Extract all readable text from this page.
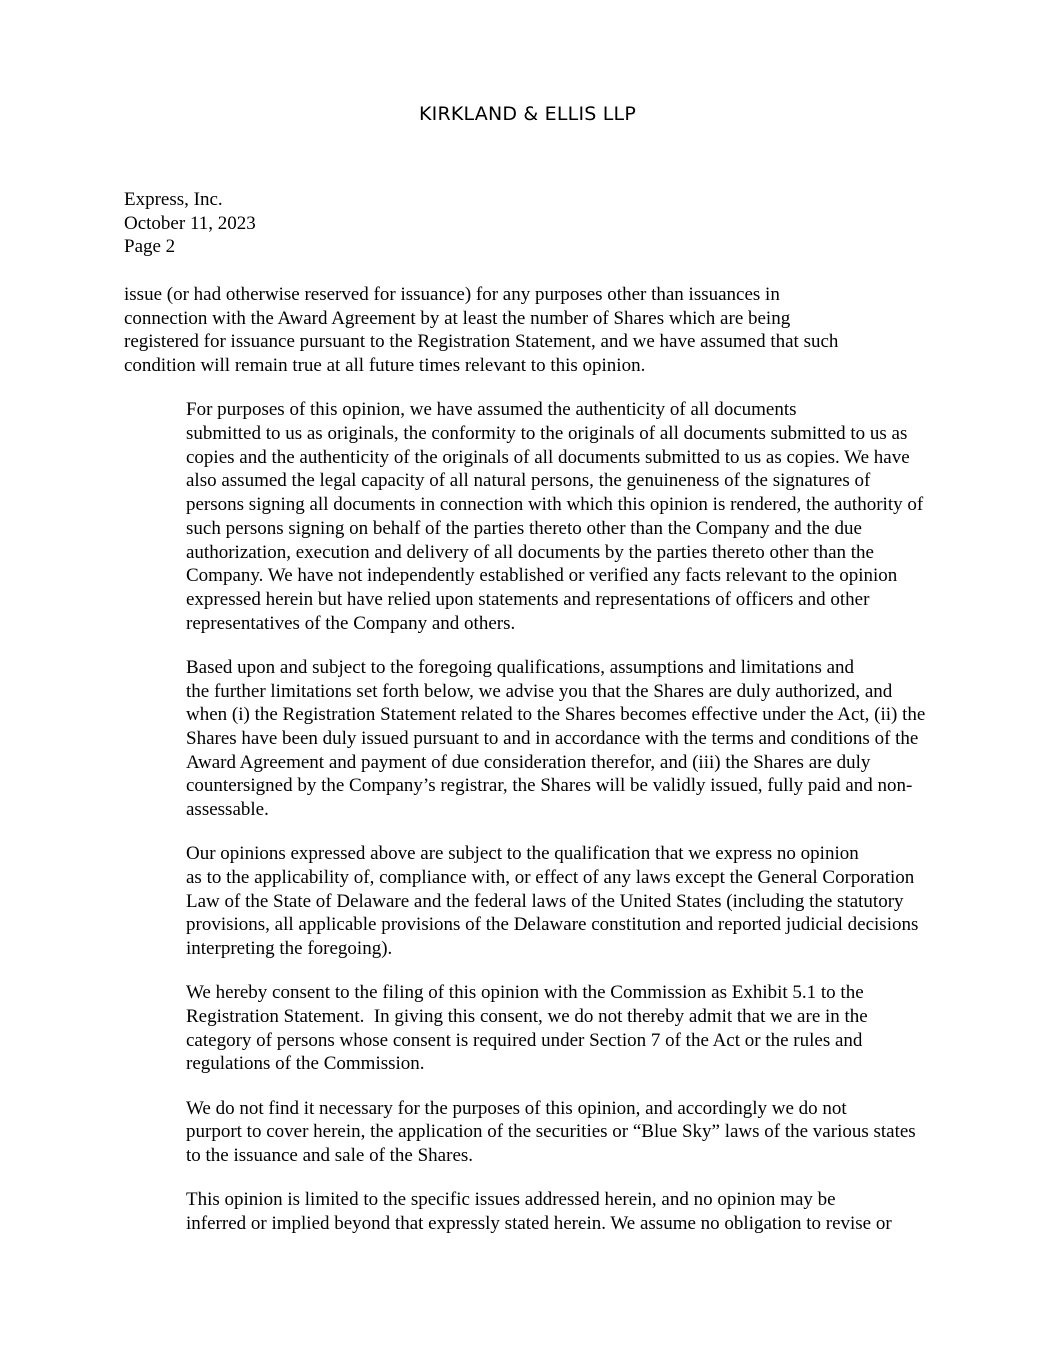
KIRKLAND & ELLIS LLP
Express, Inc.
October 11, 2023
Page 2

issue (or had otherwise reserved for issuance) for any purposes other than issuances in
connection with the Award Agreement by at least the number of Shares which are being
registered for issuance pursuant to the Registration Statement, and we have assumed that such
condition will remain true at all future times relevant to this opinion.

For purposes of this opinion, we have assumed the authenticity of all documents

submitted to us as originals, the conformity to the originals of all documents submitted to us as
copies and the authenticity of the originals of all documents submitted to us as copies. We have
also assumed the legal capacity of all natural persons, the genuineness of the signatures of
persons signing all documents in connection with which this opinion is rendered, the authority of
such persons signing on behalf of the parties thereto other than the Company and the due
authorization, execution and delivery of all documents by the parties thereto other than the
Company. We have not independently established or verified any facts relevant to the opinion
expressed herein but have relied upon statements and representations of officers and other
representatives of the Company and others.

Based upon and subject to the foregoing qualifications, assumptions and limitations and

the further limitations set forth below, we advise you that the Shares are duly authorized, and
when (i) the Registration Statement related to the Shares becomes effective under the Act, (ii) the
Shares have been duly issued pursuant to and in accordance with the terms and conditions of the
Award Agreement and payment of due consideration therefor, and (iii) the Shares are duly
countersigned by the Company’s registrar, the Shares will be validly issued, fully paid and non-
assessable.

Our opinions expressed above are subject to the qualification that we express no opinion

as to the applicability of, compliance with, or effect of any laws except the General Corporation
Law of the State of Delaware and the federal laws of the United States (including the statutory
provisions, all applicable provisions of the Delaware constitution and reported judicial decisions
interpreting the foregoing).

We hereby consent to the filing of this opinion with the Commission as Exhibit 5.1 to the

Registration Statement.  In giving this consent, we do not thereby admit that we are in the
category of persons whose consent is required under Section 7 of the Act or the rules and
regulations of the Commission.

We do not find it necessary for the purposes of this opinion, and accordingly we do not

purport to cover herein, the application of the securities or “Blue Sky” laws of the various states
to the issuance and sale of the Shares.

This opinion is limited to the specific issues addressed herein, and no opinion may be

inferred or implied beyond that expressly stated herein. We assume no obligation to revise or
